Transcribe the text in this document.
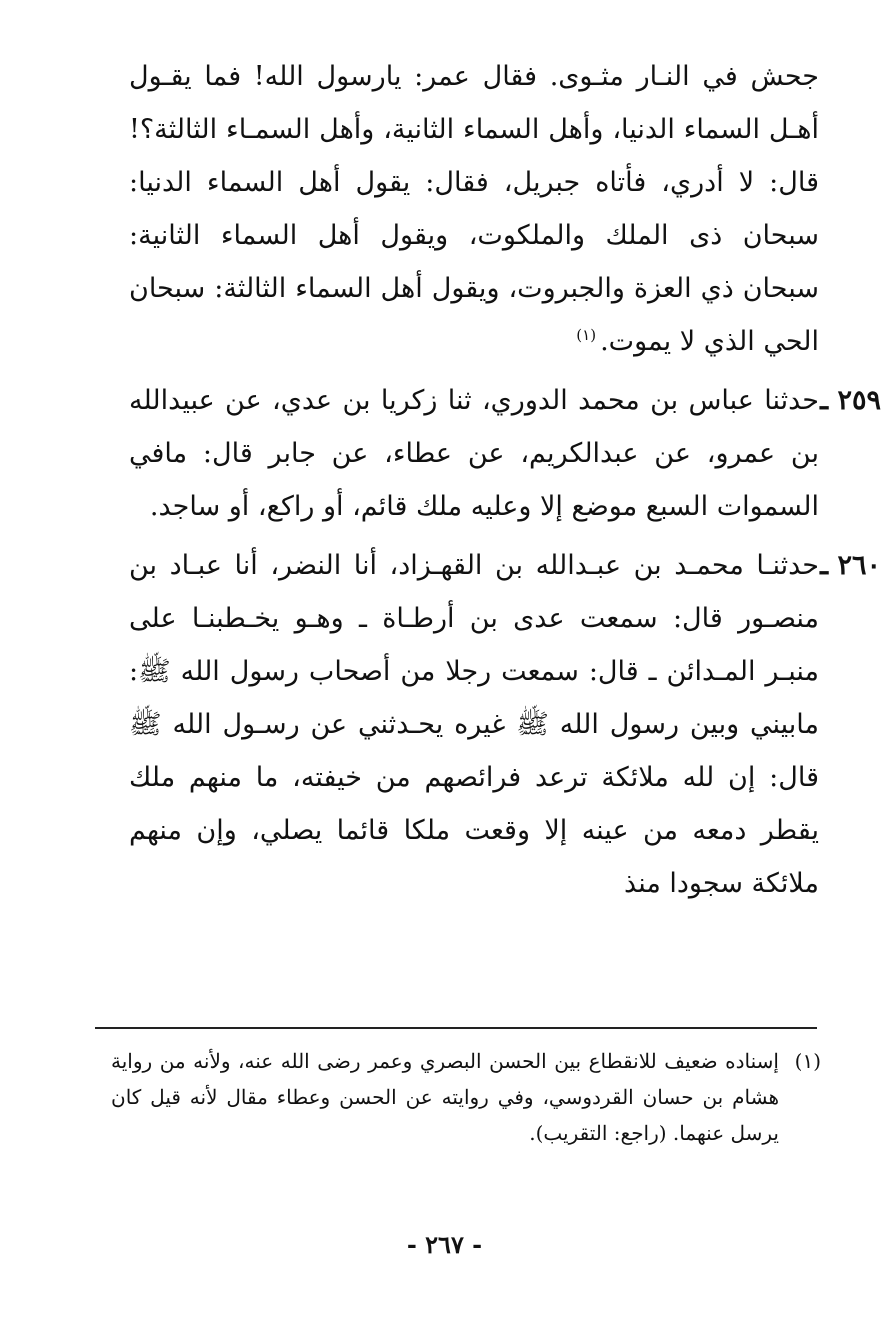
جحش في النـار مثـوى. فقال عمر: يارسول الله! فما يقـول أهـل السماء الدنيا، وأهل السماء الثانية، وأهل السمـاء الثالثة؟! قال: لا أدري، فأتاه جبريل، فقال: يقول أهل السماء الدنيا: سبحان ذى الملك والملكوت، ويقول أهل السماء الثانية: سبحان ذي العزة والجبروت، ويقول أهل السماء الثالثة: سبحان الحي الذي لا يموت.$^{(١)}$

٢٥٩ ـ

حدثنا عباس بن محمد الدوري، ثنا زكريا بن عدي، عن عبيدالله بن عمرو، عن عبدالكريم، عن عطاء، عن جابر قال: مافي السموات السبع موضع إلا وعليه ملك قائم، أو راكع، أو ساجد.

٢٦٠ ـ

حدثنـا محمـد بن عبـدالله بن القهـزاد، أنا النضر، أنا عبـاد بن منصـور قال: سمعت عدى بن أرطـاة ـ وهـو يخـطبنـا على منبـر المـدائن ـ قال: سمعت رجلا من أصحاب رسول الله ﷺ: مابيني وبين رسول الله ﷺ غيره يحـدثني عن رسـول الله ﷺ قال: إن لله ملائكة ترعد فرائصهم من خيفته، ما منهم ملك يقطر دمعه من عينه إلا وقعت ملكا قائما يصلي، وإن منهم ملائكة سجودا منذ

(١)
إسناده ضعيف للانقطاع بين الحسن البصري وعمر رضى الله عنه، ولأنه من رواية هشام بن حسان القردوسي، وفي روايته عن الحسن وعطاء مقال لأنه قيل كان يرسل عنهما. (راجع: التقريب).

- ٢٦٧ -
